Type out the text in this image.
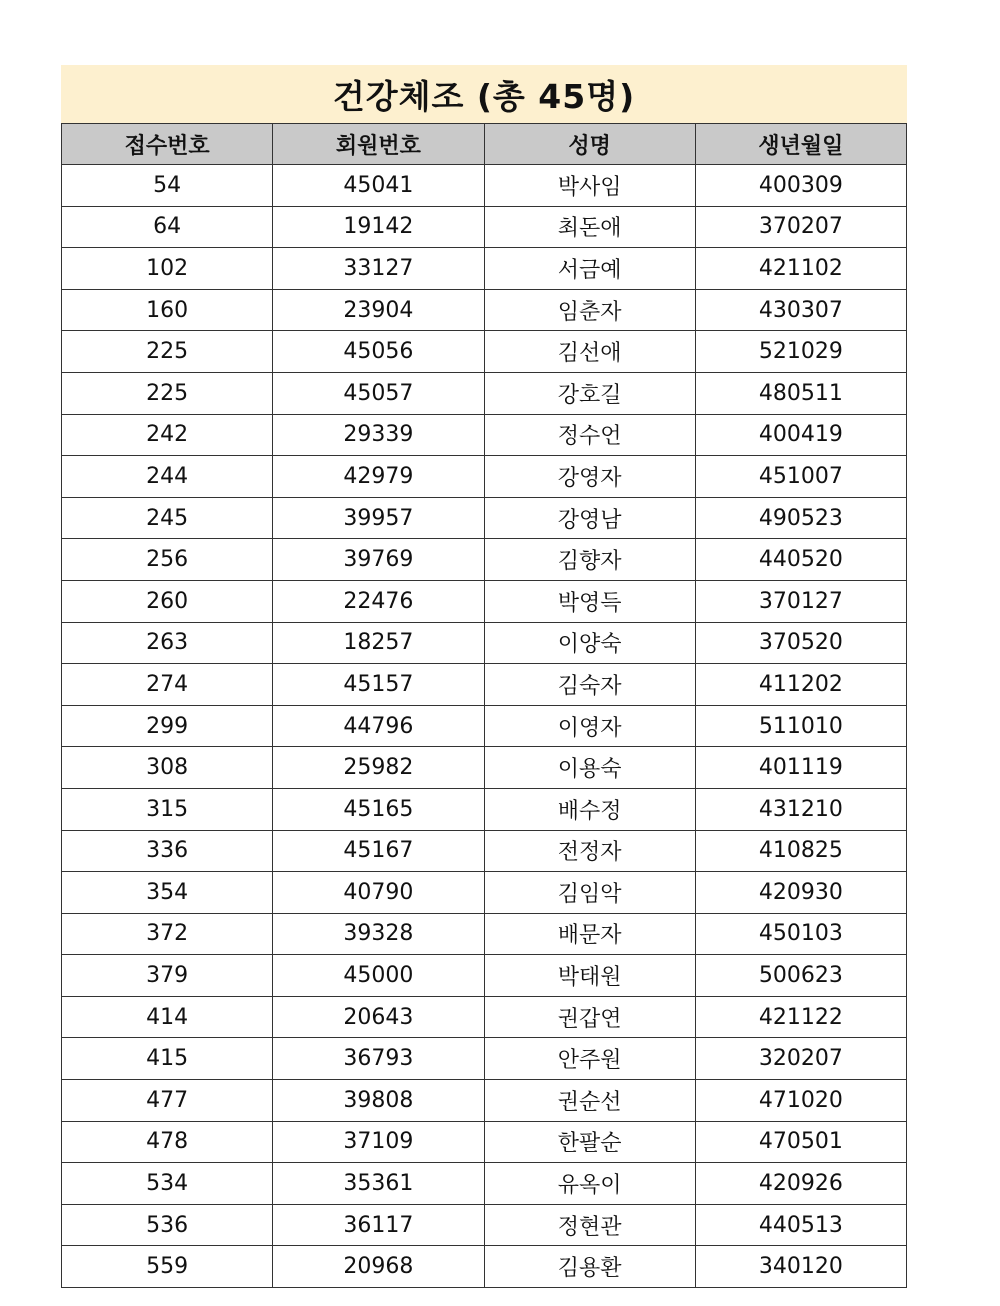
건강체조 (총 45명)
접수번호	회원번호	성명	생년월일
54	45041	박사임	400309
64	19142	최돈애	370207
102	33127	서금예	421102
160	23904	임춘자	430307
225	45056	김선애	521029
225	45057	강호길	480511
242	29339	정수언	400419
244	42979	강영자	451007
245	39957	강영남	490523
256	39769	김향자	440520
260	22476	박영득	370127
263	18257	이양숙	370520
274	45157	김숙자	411202
299	44796	이영자	511010
308	25982	이용숙	401119
315	45165	배수정	431210
336	45167	전정자	410825
354	40790	김임악	420930
372	39328	배문자	450103
379	45000	박태원	500623
414	20643	권갑연	421122
415	36793	안주원	320207
477	39808	권순선	471020
478	37109	한팔순	470501
534	35361	유옥이	420926
536	36117	정현관	440513
559	20968	김용환	340120
